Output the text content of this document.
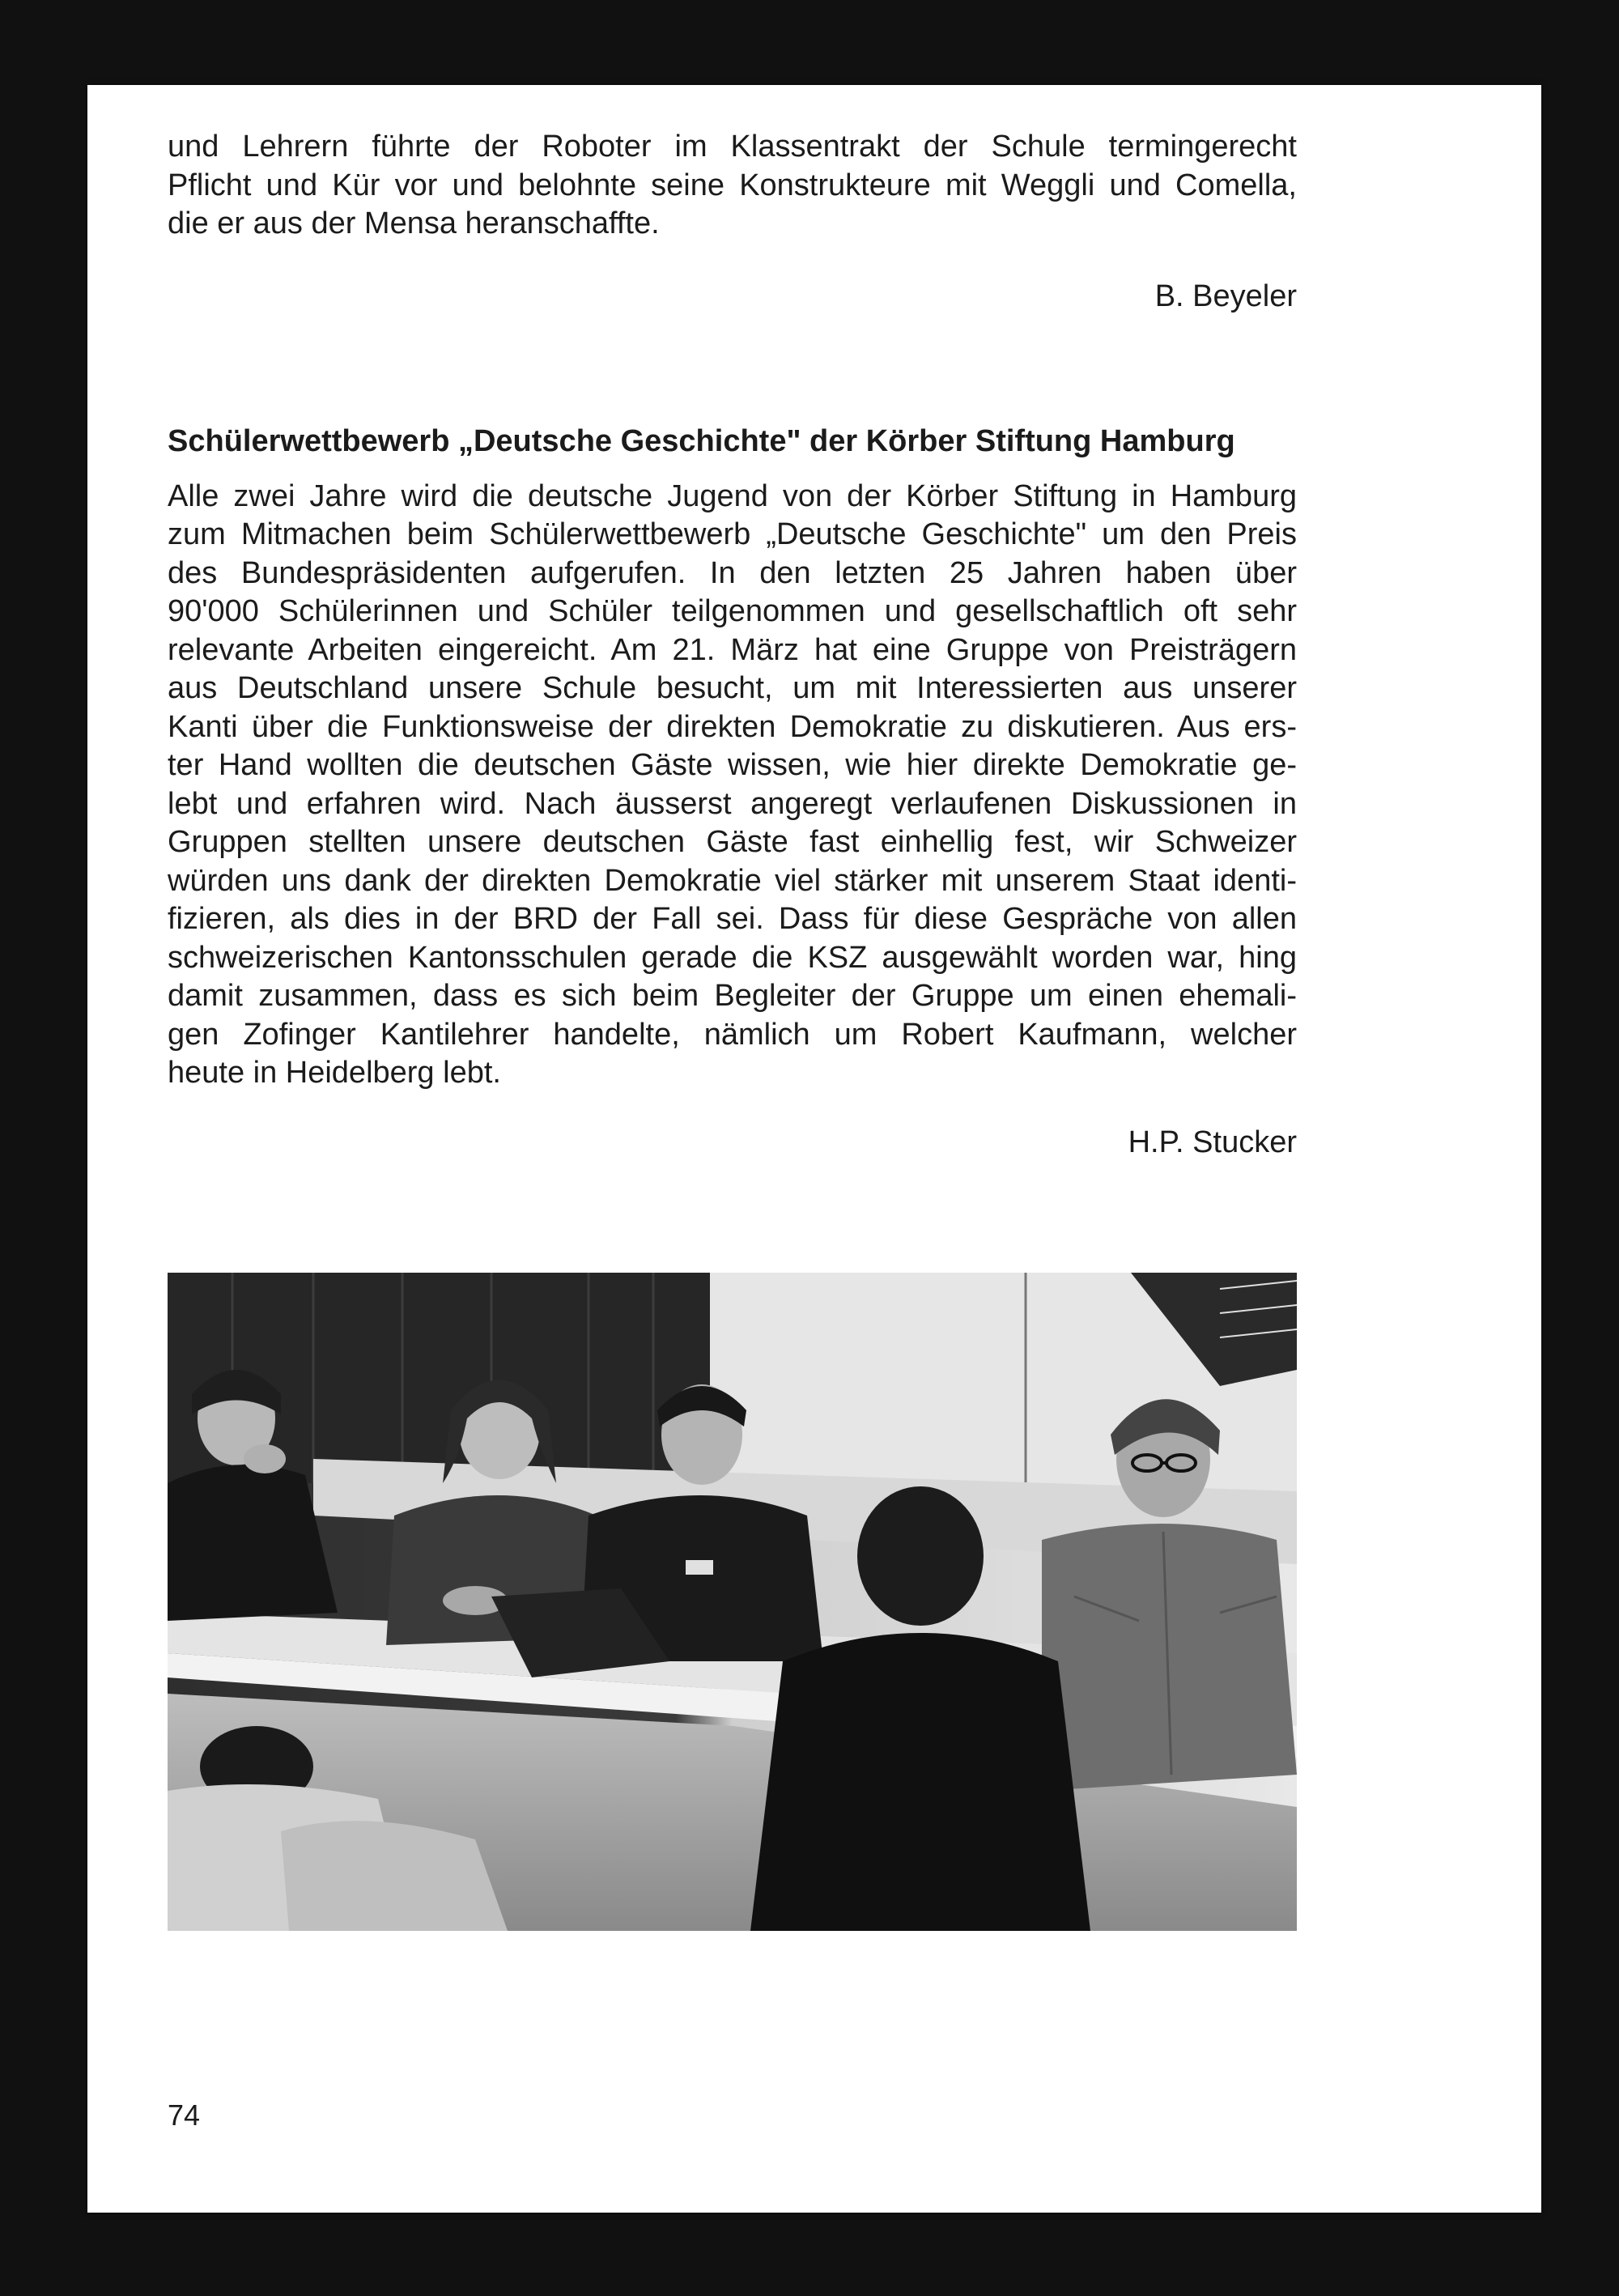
und Lehrern führte der Roboter im Klassentrakt der Schule termingerecht
Pflicht und Kür vor und belohnte seine Konstrukteure mit Weggli und Comella,
die er aus der Mensa heranschaffte.

B. Beyeler

Schülerwettbewerb „Deutsche Geschichte" der Körber Stiftung Hamburg
Alle zwei Jahre wird die deutsche Jugend von der Körber Stiftung in Hamburg
zum Mitmachen beim Schülerwettbewerb „Deutsche Geschichte" um den Preis
des Bundespräsidenten aufgerufen. In den letzten 25 Jahren haben über
90'000 Schülerinnen und Schüler teilgenommen und gesellschaftlich oft sehr
relevante Arbeiten eingereicht. Am 21. März hat eine Gruppe von Preisträgern
aus Deutschland unsere Schule besucht, um mit Interessierten aus unserer
Kanti über die Funktionsweise der direkten Demokratie zu diskutieren. Aus ers-
ter Hand wollten die deutschen Gäste wissen, wie hier direkte Demokratie ge-
lebt und erfahren wird. Nach äusserst angeregt verlaufenen Diskussionen in
Gruppen stellten unsere deutschen Gäste fast einhellig fest, wir Schweizer
würden uns dank der direkten Demokratie viel stärker mit unserem Staat identi-
fizieren, als dies in der BRD der Fall sei. Dass für diese Gespräche von allen
schweizerischen Kantonsschulen gerade die KSZ ausgewählt worden war, hing
damit zusammen, dass es sich beim Begleiter der Gruppe um einen ehemali-
gen Zofinger Kantilehrer handelte, nämlich um Robert Kaufmann, welcher
heute in Heidelberg lebt.

H.P. Stucker

74
